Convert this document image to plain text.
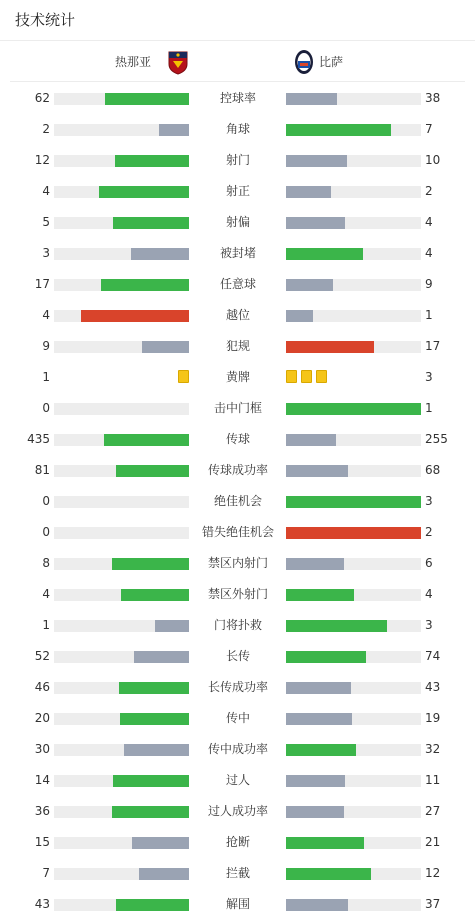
技术统计
热那亚	比萨
62	控球率	38
2	角球	7
12	射门	10
4	射正	2
5	射偏	4
3	被封堵	4
17	任意球	9
4	越位	1
9	犯规	17
1	黄牌	3
0	击中门框	1
435	传球	255
81	传球成功率	68
0	绝佳机会	3
0	错失绝佳机会	2
8	禁区内射门	6
4	禁区外射门	4
1	门将扑救	3
52	长传	74
46	长传成功率	43
20	传中	19
30	传中成功率	32
14	过人	11
36	过人成功率	27
15	抢断	21
7	拦截	12
43	解围	37
